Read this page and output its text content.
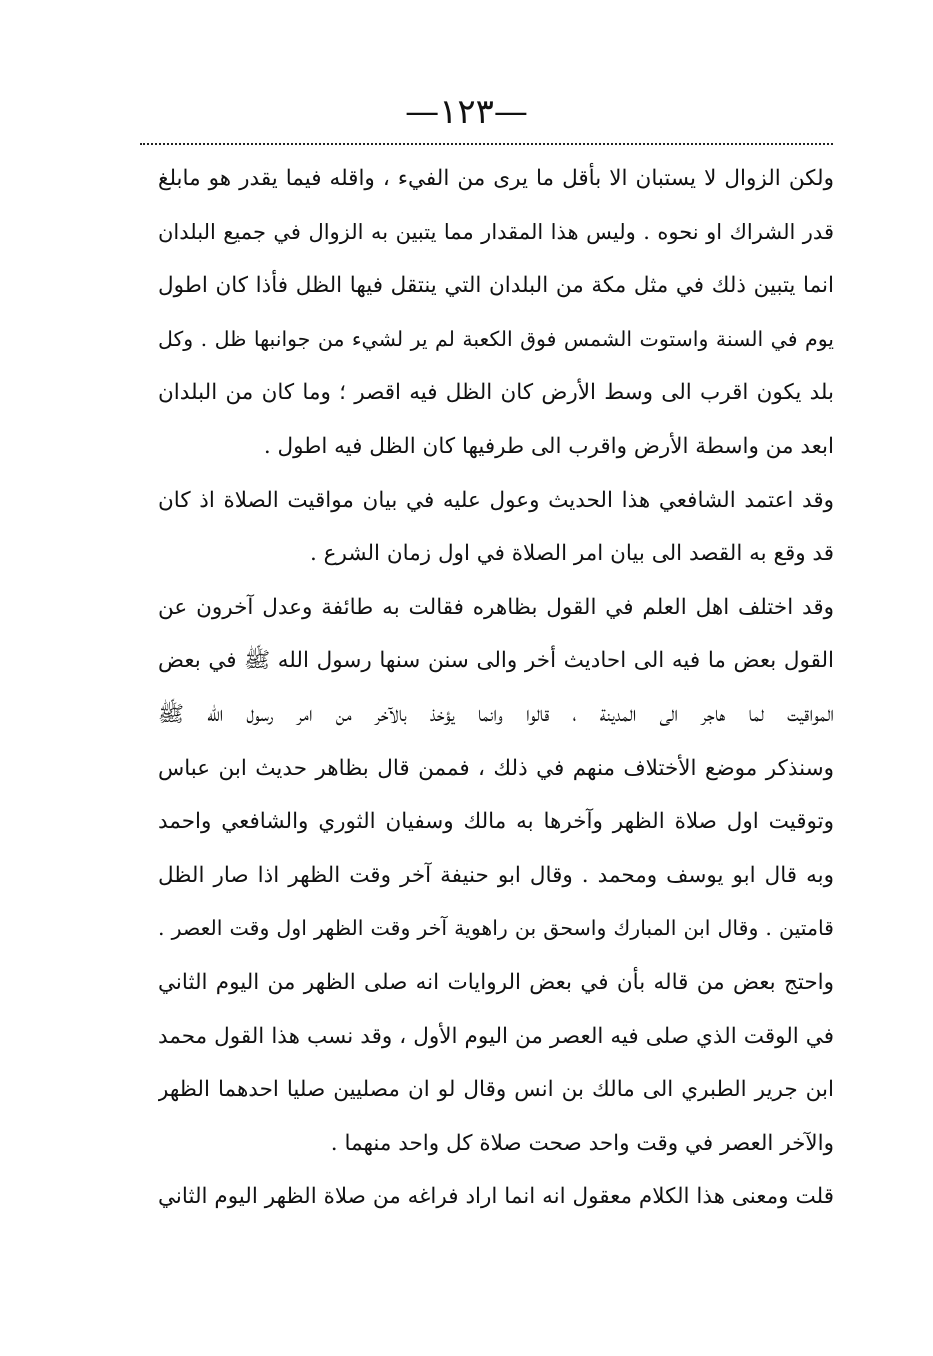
—١٢٣—
ولكن الزوال لا يستبان الا بأقل ما يرى من الفيء ، واقله فيما يقدر هو مابلغ
قدر الشراك او نحوه . وليس هذا المقدار مما يتبين به الزوال في جميع البلدان
انما يتبين ذلك في مثل مكة من البلدان التي ينتقل فيها الظل فأذا كان اطول
يوم في السنة واستوت الشمس فوق الكعبة لم ير لشيء من جوانبها ظل . وكل
بلد يكون اقرب الى وسط الأرض كان الظل فيه اقصر ؛ وما كان من البلدان
ابعد من واسطة الأرض واقرب الى طرفيها كان الظل فيه اطول .
وقد اعتمد الشافعي هذا الحديث وعول عليه في بيان مواقيت الصلاة اذ كان
قد وقع به القصد الى بيان امر الصلاة في اول زمان الشرع .
وقد اختلف اهل العلم في القول بظاهره فقالت به طائفة وعدل آخرون عن
القول بعض ما فيه الى احاديث أخر والى سنن سنها رسول الله ﷺ في بعض
المواقيت لما هاجر الى المدينة ، قالوا وانما يؤخذ بالآخر من امر رسول الله ﷺ
وسنذكر موضع الأختلاف منهم في ذلك ، فممن قال بظاهر حديث ابن عباس
وتوقيت اول صلاة الظهر وآخرها به مالك وسفيان الثوري والشافعي واحمد
وبه قال ابو يوسف ومحمد . وقال ابو حنيفة آخر وقت الظهر اذا صار الظل
قامتين . وقال ابن المبارك واسحق بن راهوية آخر وقت الظهر اول وقت العصر .
واحتج بعض من قاله بأن في بعض الروايات انه صلى الظهر من اليوم الثاني
في الوقت الذي صلى فيه العصر من اليوم الأول ، وقد نسب هذا القول محمد
ابن جرير الطبري الى مالك بن انس وقال لو ان مصليين صليا احدهما الظهر
والآخر العصر في وقت واحد صحت صلاة كل واحد منهما .
قلت ومعنى هذا الكلام معقول انه انما اراد فراغه من صلاة الظهر اليوم الثاني
